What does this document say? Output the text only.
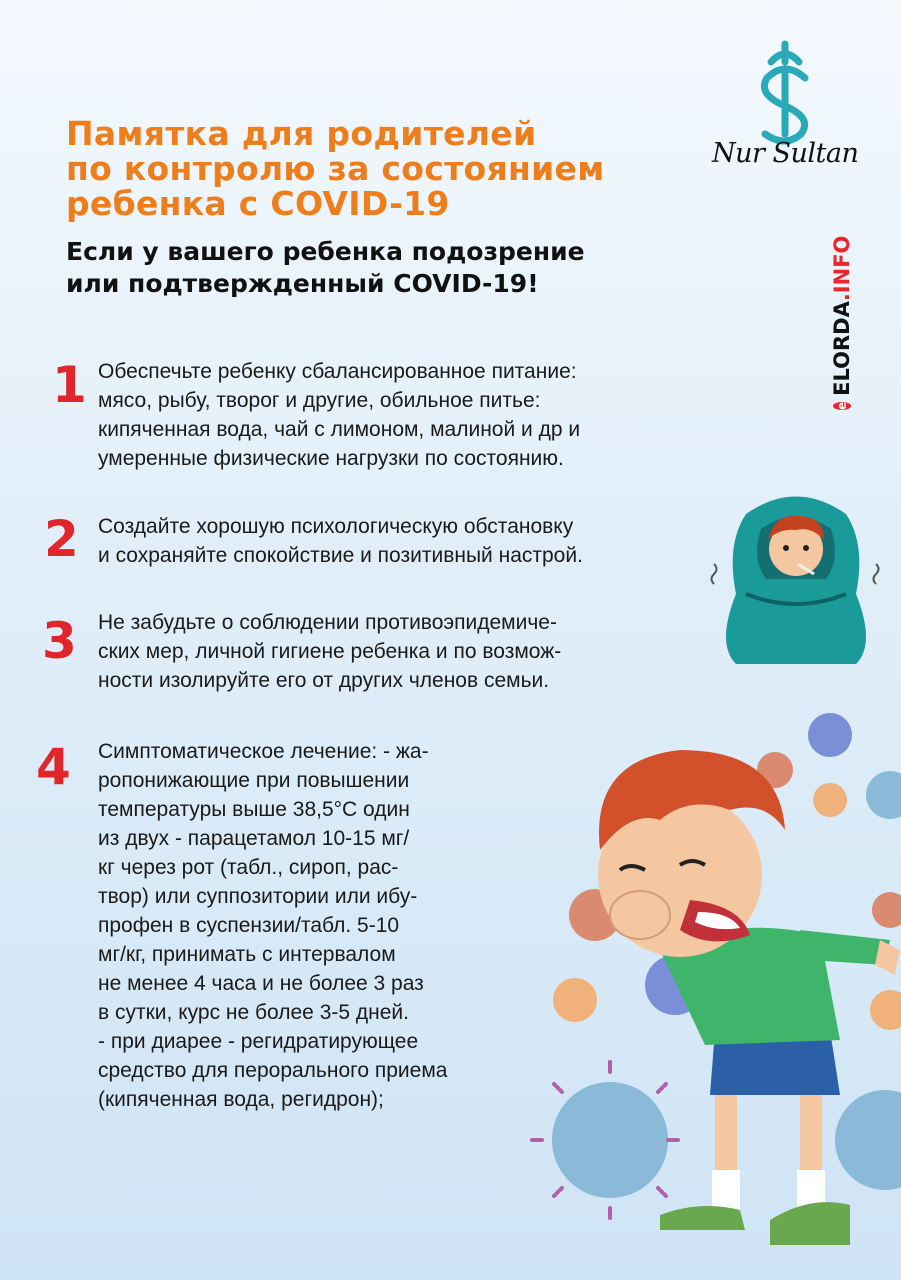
Памятка для родителей
по контролю за состоянием
ребенка с COVID-19
Если у вашего ребенка подозрение
или подтвержденный COVID-19!
Nur Sultan
e
ELORDA
.INFO
1 Обеспечьте ребенку сбалансированное питание:
мясо, рыбу, творог и другие, обильное питье:
кипяченная вода, чай с лимоном, малиной и др и
умеренные физические нагрузки по состоянию.
2 Создайте хорошую психологическую обстановку
и сохраняйте спокойствие и позитивный настрой.
3 Не забудьте о соблюдении противоэпидемиче-
ских мер, личной гигиене ребенка и по возмож-
ности изолируйте его от других членов семьи.
4 Симптоматическое лечение: - жа-
ропонижающие при повышении
температуры выше 38,5°С один
из двух - парацетамол 10-15 мг/
кг через рот (табл., сироп, рас-
твор) или суппозитории или ибу-
профен в суспензии/табл. 5-10
мг/кг, принимать с интервалом
не менее 4 часа и не более 3 раз
в сутки, курс не более 3-5 дней.
- при диарее - регидратирующее
средство для перорального приема
(кипяченная вода, регидрон);
